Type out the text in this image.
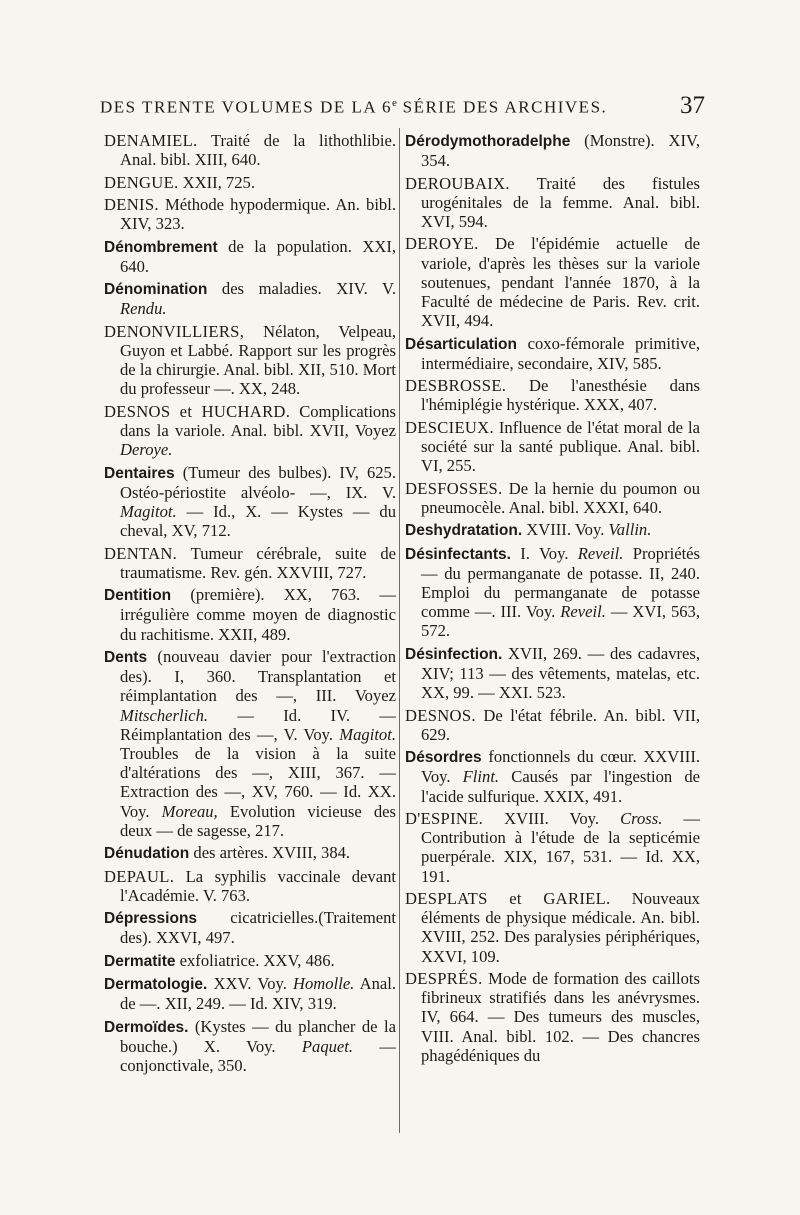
DES TRENTE VOLUMES DE LA 6e SÉRIE DES ARCHIVES.	37
DENAMIEL. Traité de la lithothlibie. Anal. bibl. XIII, 640.
DENGUE. XXII, 725.
DENIS. Méthode hypodermique. An. bibl. XIV, 323.
Dénombrement de la population. XXI, 640.
Dénomination des maladies. XIV. V. Rendu.
DENONVILLIERS, Nélaton, Velpeau, Guyon et Labbé. Rapport sur les progrès de la chirurgie. Anal. bibl. XII, 510. Mort du professeur —. XX, 248.
DESNOS et HUCHARD. Complications dans la variole. Anal. bibl. XVII, Voyez Deroye.
Dentaires (Tumeur des bulbes). IV, 625. Ostéo-périostite alvéolo- —, IX. V. Magitot. — Id., X. — Kystes — du cheval, XV, 712.
DENTAN. Tumeur cérébrale, suite de traumatisme. Rev. gén. XXVIII, 727.
Dentition (première). XX, 763. — irrégulière comme moyen de diagnostic du rachitisme. XXII, 489.
Dents (nouveau davier pour l'extraction des). I, 360. Transplantation et réimplantation des —, III. Voyez Mitscherlich. — Id. IV. — Réimplantation des —, V. Voy. Magitot. Troubles de la vision à la suite d'altérations des —, XIII, 367. — Extraction des —, XV, 760. — Id. XX. Voy. Moreau, Evolution vicieuse des deux — de sagesse, 217.
Dénudation des artères. XVIII, 384.
DEPAUL. La syphilis vaccinale devant l'Académie. V. 763.
Dépressions cicatricielles.(Traitement des). XXVI, 497.
Dermatite exfoliatrice. XXV, 486.
Dermatologie. XXV. Voy. Homolle. Anal. de —. XII, 249. — Id. XIV, 319.
Dermoïdes. (Kystes — du plancher de la bouche.) X. Voy. Paquet. — conjonctivale, 350.
Dérodymothoradelphe (Monstre). XIV, 354.
DEROUBAIX. Traité des fistules urogénitales de la femme. Anal. bibl. XVI, 594.
DEROYE. De l'épidémie actuelle de variole, d'après les thèses sur la variole soutenues, pendant l'année 1870, à la Faculté de médecine de Paris. Rev. crit. XVII, 494.
Désarticulation coxo-fémorale primitive, intermédiaire, secondaire, XIV, 585.
DESBROSSE. De l'anesthésie dans l'hémiplégie hystérique. XXX, 407.
DESCIEUX. Influence de l'état moral de la société sur la santé publique. Anal. bibl. VI, 255.
DESFOSSES. De la hernie du poumon ou pneumocèle. Anal. bibl. XXXI, 640.
Deshydratation. XVIII. Voy. Vallin.
Désinfectants. I. Voy. Reveil. Propriétés — du permanganate de potasse. II, 240. Emploi du permanganate de potasse comme —. III. Voy. Reveil. — XVI, 563, 572.
Désinfection. XVII, 269. — des cadavres, XIV; 113 — des vêtements, matelas, etc. XX, 99. — XXI. 523.
DESNOS. De l'état fébrile. An. bibl. VII, 629.
Désordres fonctionnels du cœur. XXVIII. Voy. Flint. Causés par l'ingestion de l'acide sulfurique. XXIX, 491.
D'ESPINE. XVIII. Voy. Cross. — Contribution à l'étude de la septicémie puerpérale. XIX, 167, 531. — Id. XX, 191.
DESPLATS et GARIEL. Nouveaux éléments de physique médicale. An. bibl. XVIII, 252. Des paralysies périphériques, XXVI, 109.
DESPRÉS. Mode de formation des caillots fibrineux stratifiés dans les anévrysmes. IV, 664. — Des tumeurs des muscles, VIII. Anal. bibl. 102. — Des chancres phagédéniques du
